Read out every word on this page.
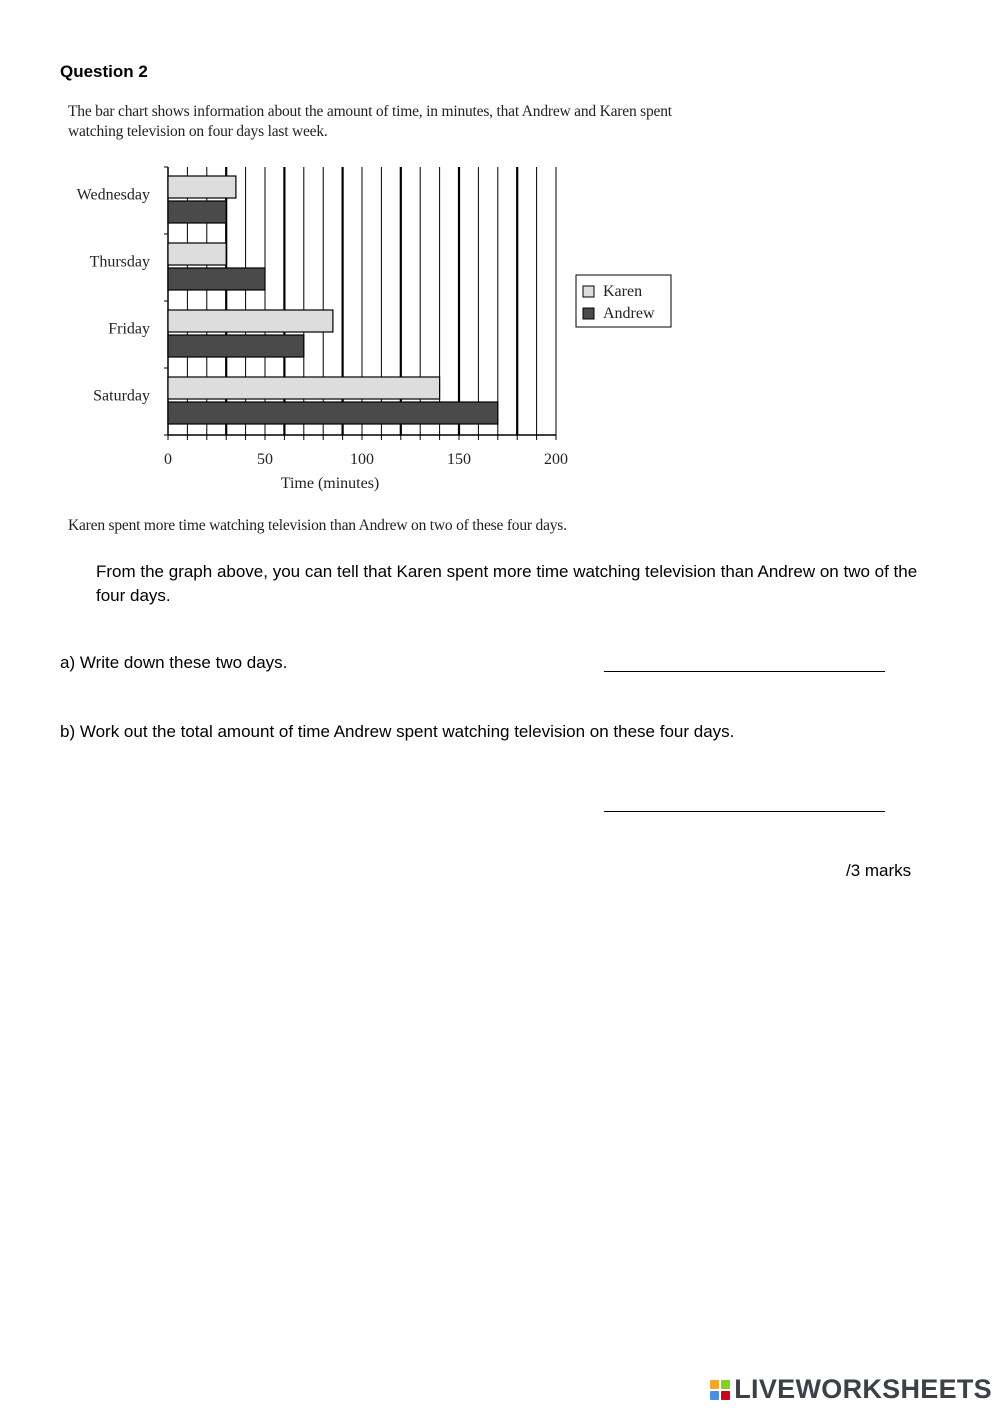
Question 2
The bar chart shows information about the amount of time, in minutes, that Andrew and Karen spent watching television on four days last week.
Wednesday
Thursday
Friday
Saturday
0	50	100	150	200
Time (minutes)
Karen
Andrew
Karen spent more time watching television than Andrew on two of these four days.
From the graph above, you can tell that Karen spent more time watching television than Andrew on two of the four days.
a) Write down these two days.
b) Work out the total amount of time Andrew spent watching television on these four days.
/3 marks
LIVEWORKSHEETS
